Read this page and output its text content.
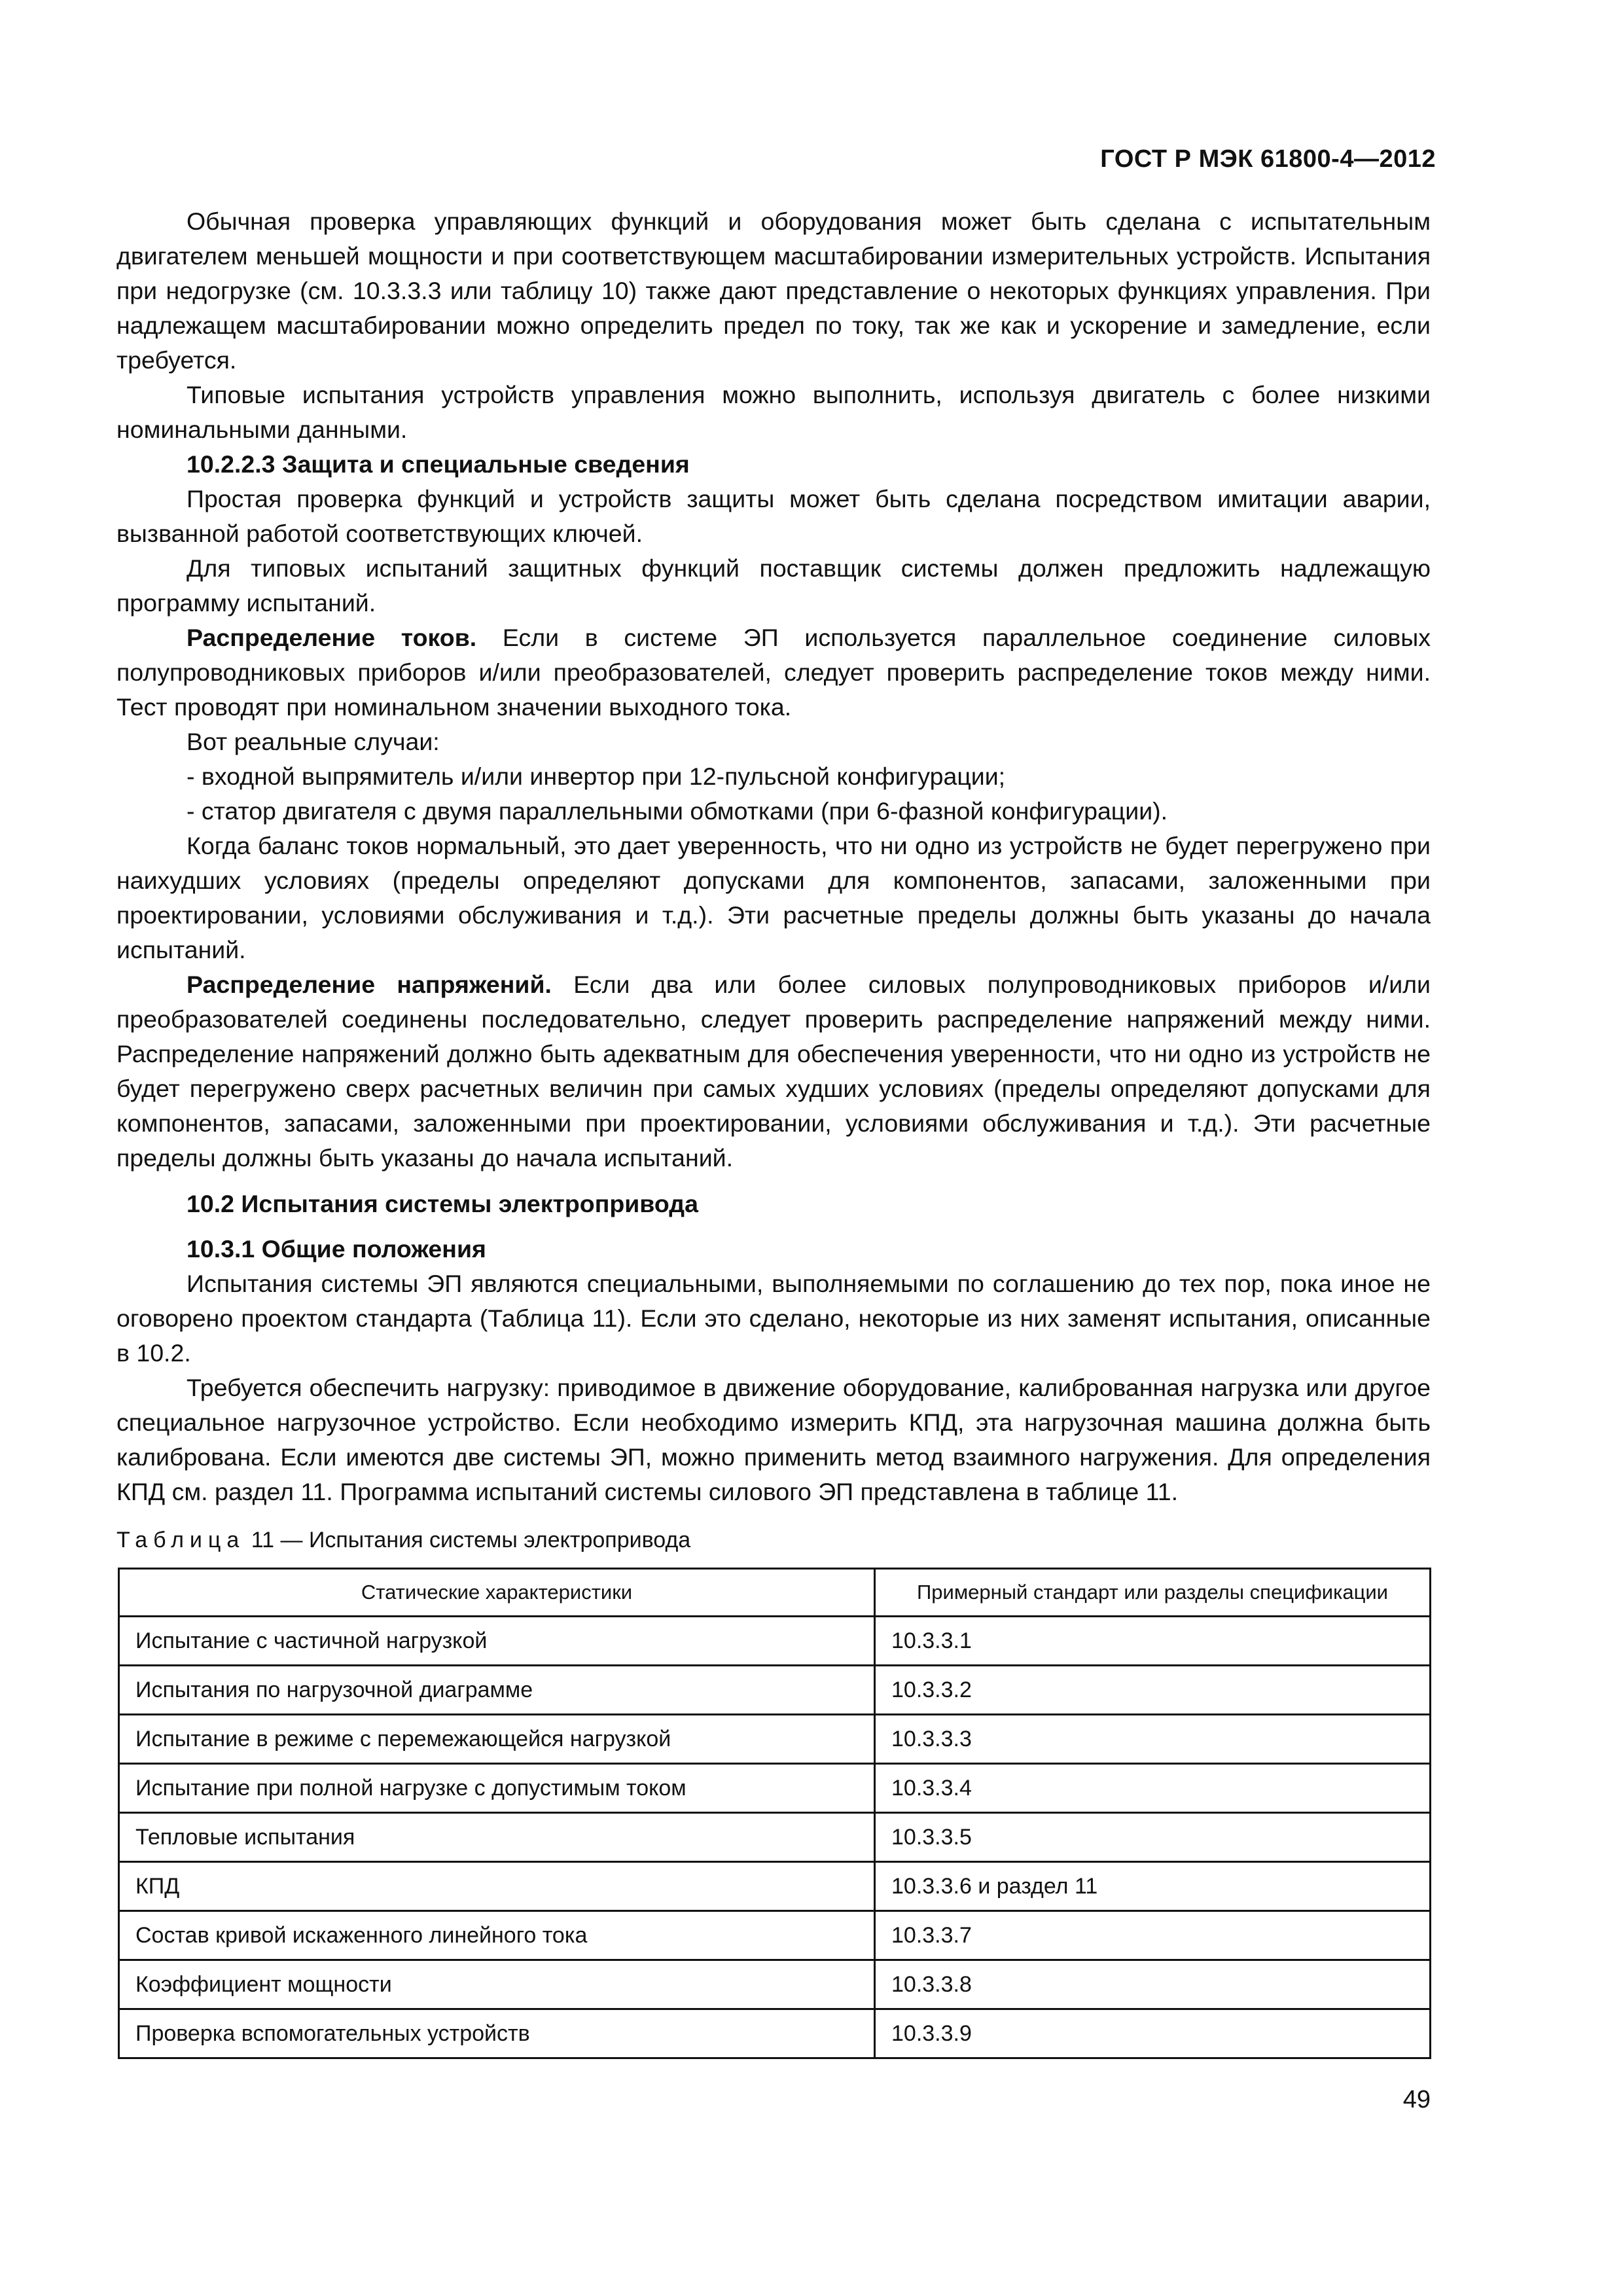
ГОСТ Р МЭК 61800-4—2012

Обычная проверка управляющих функций и оборудования может быть сделана с испытательным двигателем меньшей мощности и при соответствующем масштабировании измерительных устройств. Испытания при недогрузке (см. 10.3.3.3 или таблицу 10) также дают представление о некоторых функциях управления. При надлежащем масштабировании можно определить предел по току, так же как и ускорение и замедление, если требуется.

Типовые испытания устройств управления можно выполнить, используя двигатель с более низкими номинальными данными.

10.2.2.3 Защита и специальные сведения

Простая проверка функций и устройств защиты может быть сделана посредством имитации аварии, вызванной работой соответствующих ключей.

Для типовых испытаний защитных функций поставщик системы должен предложить надлежащую программу испытаний.

Распределение токов. Если в системе ЭП используется параллельное соединение силовых полупроводниковых приборов и/или преобразователей, следует проверить распределение токов между ними. Тест проводят при номинальном значении выходного тока.

Вот реальные случаи:

- входной выпрямитель и/или инвертор при 12-пульсной конфигурации;

- статор двигателя с двумя параллельными обмотками (при 6-фазной конфигурации).

Когда баланс токов нормальный, это дает уверенность, что ни одно из устройств не будет перегружено при наихудших условиях (пределы определяют допусками для компонентов, запасами, заложенными при проектировании, условиями обслуживания и т.д.). Эти расчетные пределы должны быть указаны до начала испытаний.

Распределение напряжений. Если два или более силовых полупроводниковых приборов и/или преобразователей соединены последовательно, следует проверить распределение напряжений между ними. Распределение напряжений должно быть адекватным для обеспечения уверенности, что ни одно из устройств не будет перегружено сверх расчетных величин при самых худших условиях (пределы определяют допусками для компонентов, запасами, заложенными при проектировании, условиями обслуживания и т.д.). Эти расчетные пределы должны быть указаны до начала испытаний.

10.2 Испытания системы электропривода

10.3.1 Общие положения

Испытания системы ЭП являются специальными, выполняемыми по соглашению до тех пор, пока иное не оговорено проектом стандарта (Таблица 11). Если это сделано, некоторые из них заменят испытания, описанные в 10.2.

Требуется обеспечить нагрузку: приводимое в движение оборудование, калиброванная нагрузка или другое специальное нагрузочное устройство. Если необходимо измерить КПД, эта нагрузочная машина должна быть калиброванa. Если имеются две системы ЭП, можно применить метод взаимного нагружения. Для определения КПД см. раздел 11. Программа испытаний системы силового ЭП представлена в таблице 11.

Таблица 11 — Испытания системы электропривода
Статические характеристики	Примерный стандарт или разделы спецификации
Испытание с частичной нагрузкой	10.3.3.1
Испытания по нагрузочной диаграмме	10.3.3.2
Испытание в режиме с перемежающейся нагрузкой	10.3.3.3
Испытание при полной нагрузке с допустимым током	10.3.3.4
Тепловые испытания	10.3.3.5
КПД	10.3.3.6 и раздел 11
Состав кривой искаженного линейного тока	10.3.3.7
Коэффициент мощности	10.3.3.8
Проверка вспомогательных устройств	10.3.3.9
49
